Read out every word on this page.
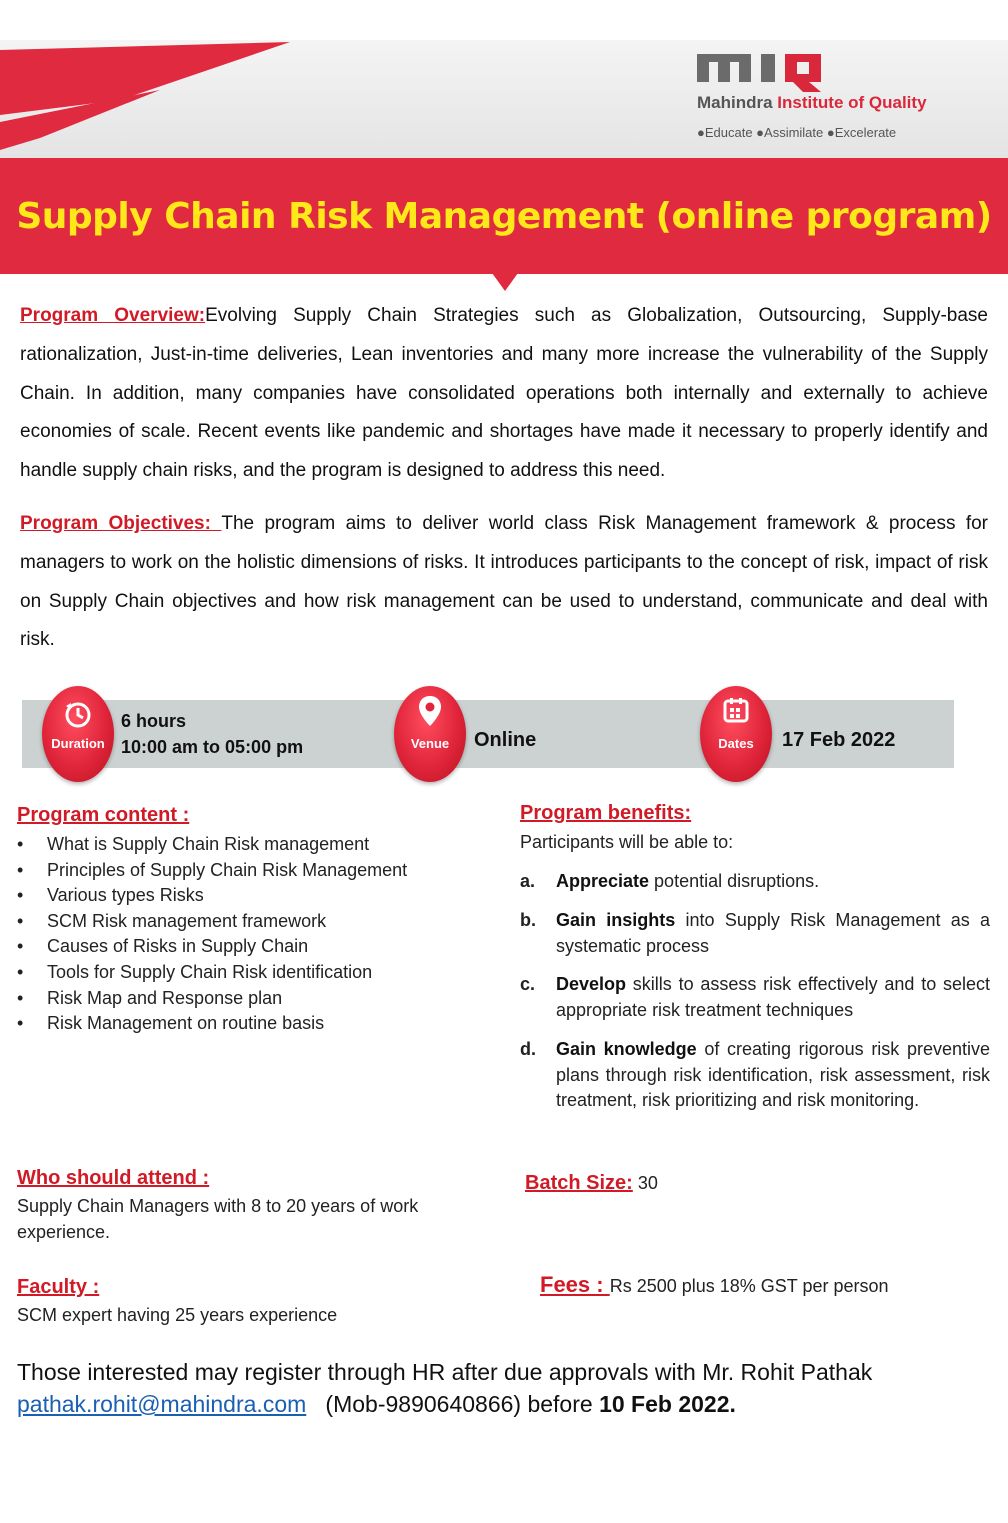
Mahindra Institute of Quality
●Educate ●Assimilate ●Excelerate
Supply Chain Risk Management (online program)
Program Overview:Evolving Supply Chain Strategies such as Globalization, Outsourcing, Supply-base rationalization, Just-in-time deliveries, Lean inventories and many more increase the vulnerability of the Supply Chain. In addition, many companies have consolidated operations both internally and externally to achieve economies of scale. Recent events like pandemic and shortages have made it necessary to properly identify and handle supply chain risks, and the program is designed to address this need.
Program Objectives: The program aims to deliver world class Risk Management framework & process for managers to work on the holistic dimensions of risks. It introduces participants to the concept of risk, impact of risk on Supply Chain objectives and how risk management can be used to understand, communicate and deal with risk.
Duration
6 hours
10:00 am to 05:00 pm	Venue	Online	Dates	17 Feb 2022
Program content :
• What is Supply Chain Risk management
• Principles of Supply Chain Risk Management
• Various types Risks
• SCM Risk management framework
• Causes of Risks in Supply Chain
• Tools for Supply Chain Risk identification
• Risk Map and Response plan
• Risk Management on routine basis
Program benefits:
Participants will be able to:
a. Appreciate potential disruptions.
b. Gain insights into Supply Risk Management as a systematic process
c. Develop skills to assess risk effectively and to select appropriate risk treatment techniques
d. Gain knowledge of creating rigorous risk preventive plans through risk identification, risk assessment, risk treatment, risk prioritizing and risk monitoring.
Who should attend :
Supply Chain Managers with 8 to 20 years of work experience.
Batch Size: 30
Faculty :
SCM expert having 25 years experience
Fees : Rs 2500 plus 18% GST per person
Those interested may register through HR after due approvals with Mr. Rohit Pathak
pathak.rohit@mahindra.com   (Mob-9890640866) before 10 Feb 2022.
